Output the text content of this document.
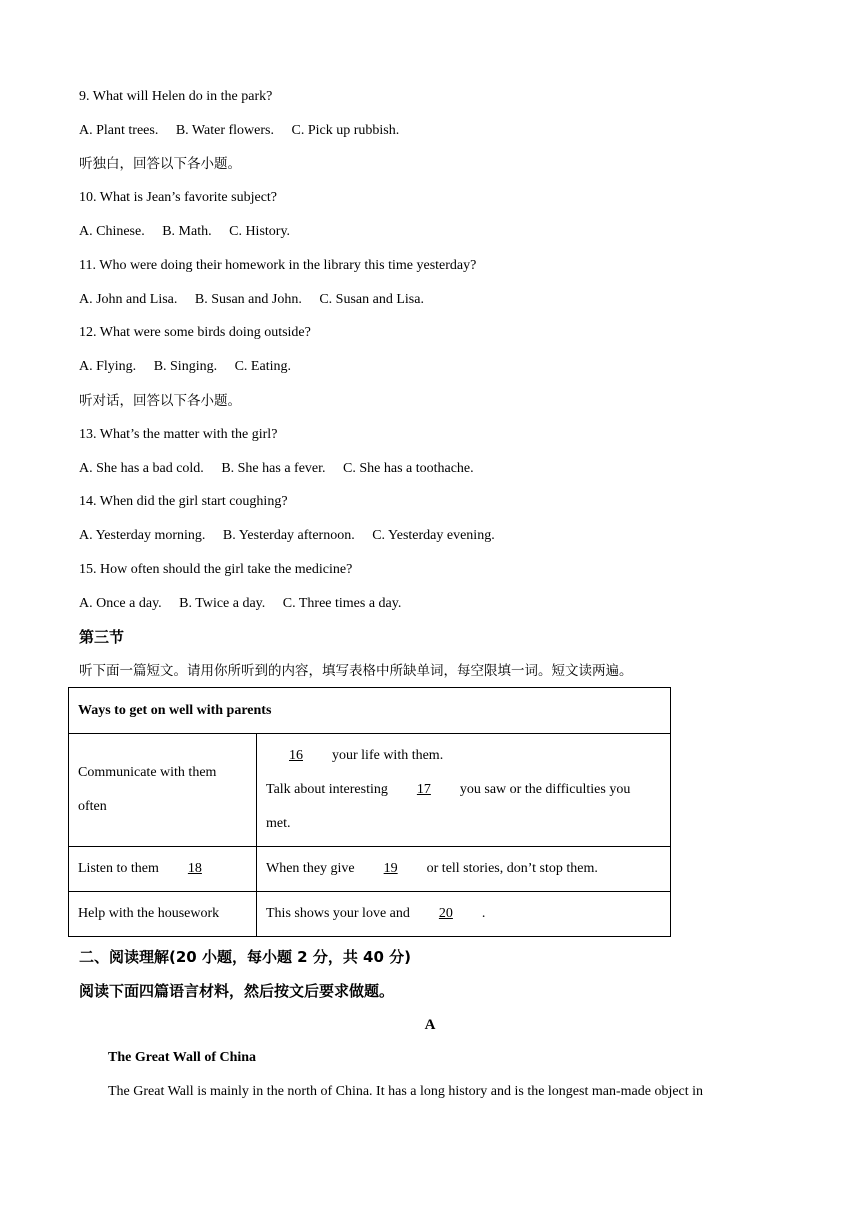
9. What will Helen do in the park?
A. Plant trees. B. Water flowers. C. Pick up rubbish.
听独白，回答以下各小题。
10. What is Jean’s favorite subject?
A. Chinese. B. Math. C. History.
11. Who were doing their homework in the library this time yesterday?
A. John and Lisa. B. Susan and John. C. Susan and Lisa.
12. What were some birds doing outside?
A. Flying. B. Singing. C. Eating.
听对话，回答以下各小题。
13. What’s the matter with the girl?
A. She has a bad cold. B. She has a fever. C. She has a toothache.
14. When did the girl start coughing?
A. Yesterday morning. B. Yesterday afternoon. C. Yesterday evening.
15. How often should the girl take the medicine?
A. Once a day. B. Twice a day. C. Three times a day.
第三节
听下面一篇短文。请用你所听到的内容，填写表格中所缺单词，每空限填一词。短文读两遍。
Ways to get on well with parents	
Communicate with them often	16 your life with them.
Talk about interesting 17 you saw or the difficulties you
met.

Listen to them 18	When they give 19 or tell stories, don’t stop them.
Help with the housework	This shows your love and 20 .
二、阅读理解(20 小题，每小题 2 分，共 40 分)
阅读下面四篇语言材料，然后按文后要求做题。
A
The Great Wall of China
The Great Wall is mainly in the north of China. It has a long history and is the longest man-made object in
